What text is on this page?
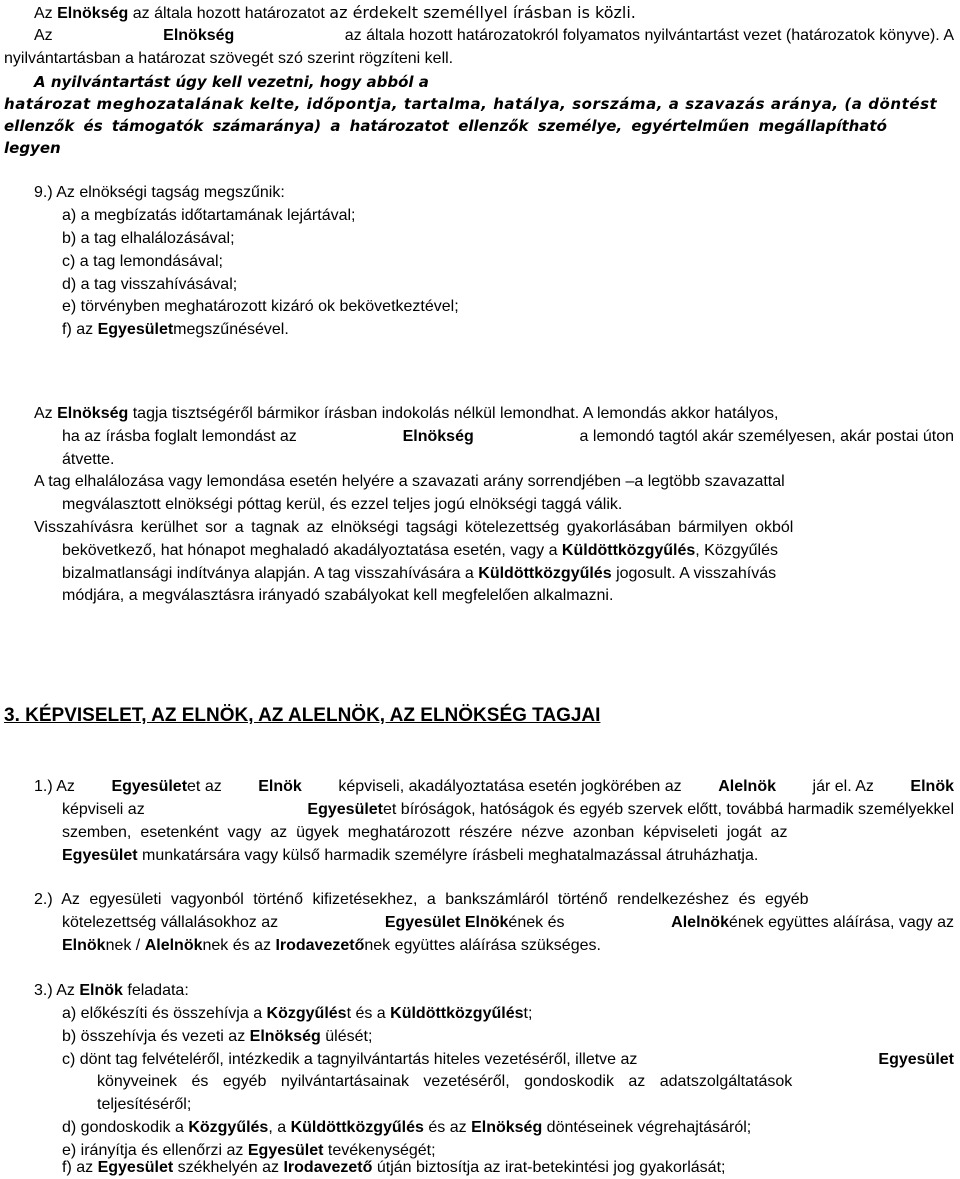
Az Elnökség az általa hozott határozatot az érdekelt személlyel írásban is közli.
Az	Elnökség	az általa hozott határozatokról folyamatos nyilvántartást vezet (határozatok könyve). A
nyilvántartásban a határozat szövegét szó szerint rögzíteni kell.
A nyilvántartást úgy kell vezetni, hogy abból a
határozat meghozatalának kelte, időpontja, tartalma, hatálya, sorszáma, a szavazás aránya, (a döntést
ellenzők és támogatók számaránya) a határozatot ellenzők személye, egyértelműen megállapítható
legyen
9.) Az elnökségi tagság megszűnik:
a) a megbízatás időtartamának lejártával;
b) a tag elhalálozásával;
c) a tag lemondásával;
d) a tag visszahívásával;
e) törvényben meghatározott kizáró ok bekövetkeztével;
f) az Egyesületmegszűnésével.
Az Elnökség tagja tisztségéről bármikor írásban indokolás nélkül lemondhat. A lemondás akkor hatályos,
ha az írásba foglalt lemondást az	Elnökség	a lemondó tagtól akár személyesen, akár postai úton
átvette.
A tag elhalálozása vagy lemondása esetén helyére a szavazati arány sorrendjében –a legtöbb szavazattal
megválasztott elnökségi póttag kerül, és ezzel teljes jogú elnökségi taggá válik.
Visszahívásra kerülhet sor a tagnak az elnökségi tagsági kötelezettség gyakorlásában bármilyen okból
bekövetkező, hat hónapot meghaladó akadályoztatása esetén, vagy a Küldöttközgyűlés, Közgyűlés
bizalmatlansági indítványa alapján. A tag visszahívására a Küldöttközgyűlés jogosult. A visszahívás
módjára, a megválasztásra irányadó szabályokat kell megfelelően alkalmazni.
3. KÉPVISELET, AZ ELNÖK, AZ ALELNÖK, AZ ELNÖKSÉG TAGJAI
1.) Az Egyesületet az Elnök képviseli, akadályoztatása esetén jogkörében az Alelnök jár el. Az Elnök
képviseli az	Egyesületet bíróságok, hatóságok és egyéb szervek előtt, továbbá harmadik személyekkel
szemben, esetenként vagy az ügyek meghatározott részére nézve azonban képviseleti jogát az
Egyesület munkatársára vagy külső harmadik személyre írásbeli meghatalmazással átruházhatja.
2.) Az egyesületi vagyonból történő kifizetésekhez, a bankszámláról történő rendelkezéshez és egyéb
kötelezettség vállalásokhoz az	Egyesület Elnökének és	Alelnökének együttes aláírása, vagy az
Elnöknek / Alelnöknek és az Irodavezetőnek együttes aláírása szükséges.
3.) Az Elnök feladata:
a) előkészíti és összehívja a Közgyűlést és a Küldöttközgyűlést;
b) összehívja és vezeti az Elnökség ülését;
c) dönt tag felvételéről, intézkedik a tagnyilvántartás hiteles vezetéséről, illetve az	Egyesület
könyveinek és egyéb nyilvántartásainak vezetéséről, gondoskodik az adatszolgáltatások
teljesítéséről;
d) gondoskodik a Közgyűlés, a Küldöttközgyűlés és az Elnökség döntéseinek végrehajtásáról;
e) irányítja és ellenőrzi az Egyesület tevékenységét;
f) az Egyesület székhelyén az Irodavezető útján biztosítja az irat-betekintési jog gyakorlását;
